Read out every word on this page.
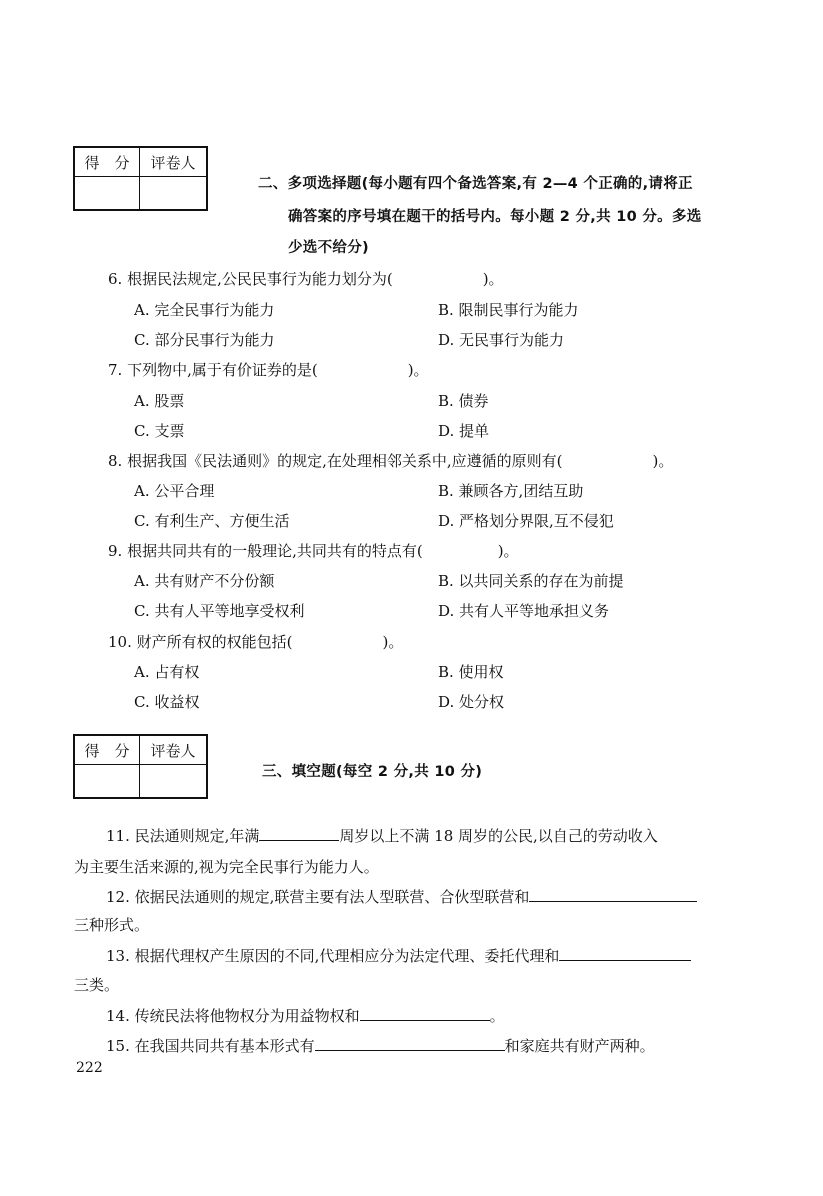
得　分	评卷人

二、多项选择题(每小题有四个备选答案,有 2—4 个正确的,请将正
确答案的序号填在题干的括号内。每小题 2 分,共 10 分。多选
少选不给分)
6. 根据民法规定,公民民事行为能力划分为(　　　　　　)。
A. 完全民事行为能力	B. 限制民事行为能力
C. 部分民事行为能力	D. 无民事行为能力
7. 下列物中,属于有价证券的是(　　　　　　)。
A. 股票	B. 债券
C. 支票	D. 提单
8. 根据我国《民法通则》的规定,在处理相邻关系中,应遵循的原则有(　　　　　　)。
A. 公平合理	B. 兼顾各方,团结互助
C. 有利生产、方便生活	D. 严格划分界限,互不侵犯
9. 根据共同共有的一般理论,共同共有的特点有(　　　　　)。
A. 共有财产不分份额	B. 以共同关系的存在为前提
C. 共有人平等地享受权利	D. 共有人平等地承担义务
10. 财产所有权的权能包括(　　　　　　)。
A. 占有权	B. 使用权
C. 收益权	D. 处分权
得　分	评卷人

三、填空题(每空 2 分,共 10 分)
11. 民法通则规定,年满	周岁以上不满 18 周岁的公民,以自己的劳动收入
为主要生活来源的,视为完全民事行为能力人。
12. 依据民法通则的规定,联营主要有法人型联营、合伙型联营和
三种形式。
13. 根据代理权产生原因的不同,代理相应分为法定代理、委托代理和
三类。
14. 传统民法将他物权分为用益物权和	。
15. 在我国共同共有基本形式有	和家庭共有财产两种。
222
